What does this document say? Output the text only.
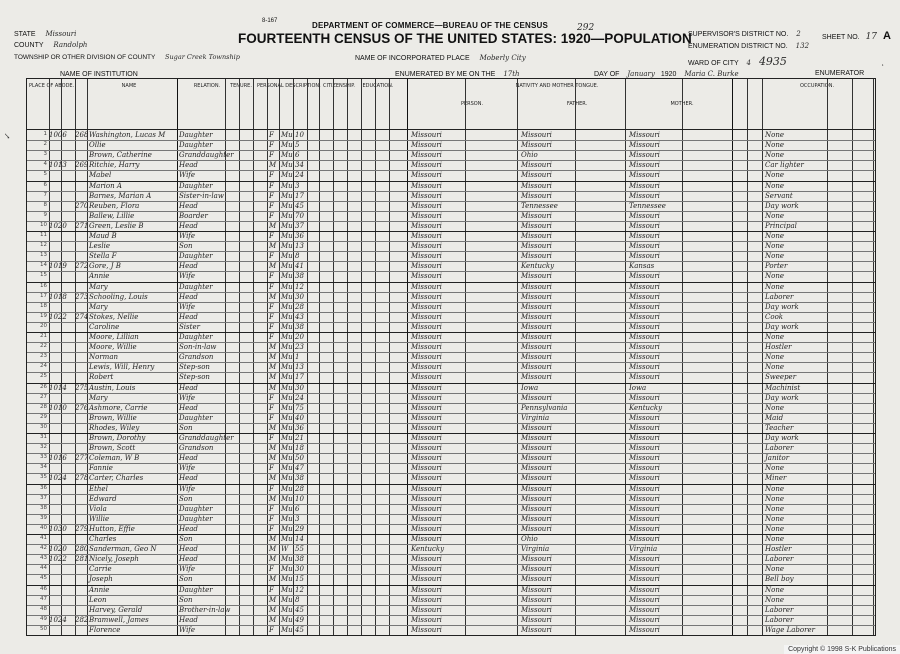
8-167	DEPARTMENT OF COMMERCE—BUREAU OF THE CENSUS
FOURTEENTH CENSUS OF THE UNITED STATES: 1920—POPULATION
292
STATE Missouri
COUNTY Randolph
TOWNSHIP OR OTHER DIVISION OF COUNTY Sugar Creek Township	NAME OF INCORPORATED PLACE Moberly City
NAME OF INSTITUTION	ENUMERATED BY ME ON THE 17th	DAY OF January 1920 Maria C. Burke	ENUMERATOR
SUPERVISOR'S DISTRICT NO. 2
ENUMERATION DISTRICT NO. 132
WARD OF CITY 4 4935
SHEET NO. 17 A
PLACE OF ABODE.	NAME	RELATION.	TENURE. PERSONAL DESCRIPTION. CITIZENSHIP.	EDUCATION.	NATIVITY AND MOTHER TONGUE.	OCCUPATION.
PERSON.	FATHER.	MOTHER.
1 1006	268 Washington, Lucas M	Daughter	F	Mu 10	Missouri	Missouri	Missouri	None
2	Ollie	Daughter	F	Mu 5	Missouri	Missouri	Missouri	None
3	Brown, Catherine	Granddaughter	F	Mu 6	Missouri	Ohio	Missouri	None
4 1013	269 Ritchie, Harry	Head	M Mu 34	Missouri	Missouri	Missouri	Car lighter
5	Mabel	Wife	F	Mu 24	Missouri	Missouri	Missouri	None
6	Marion A	Daughter	F	Mu 3	Missouri	Missouri	Missouri	None
7	Barnes, Marian A	Sister-in-law	F	Mu 17	Missouri	Missouri	Missouri	Servant
8	270 Reuben, Flora	Head	F	Mu 45	Missouri	Tennessee	Tennessee	Day work
9	Ballew, Lillie	Boarder	F	Mu 70	Missouri	Missouri	Missouri	None
10 1020	271 Green, Leslie B	Head	M Mu 37	Missouri	Missouri	Missouri	Principal
11	Maud B	Wife	F	Mu 36	Missouri	Missouri	Missouri	None
12	Leslie	Son	M Mu 13	Missouri	Missouri	Missouri	None
13	Stella F	Daughter	F	Mu 8	Missouri	Missouri	Missouri	None
14 1019	272 Gore, J B	Head	M Mu 41	Missouri	Kentucky	Kansas	Porter
15	Annie	Wife	F	Mu 38	Missouri	Missouri	Missouri	None
16	Mary	Daughter	F	Mu 12	Missouri	Missouri	Missouri	None
17 1018	273 Schooling, Louis	Head	M Mu 30	Missouri	Missouri	Missouri	Laborer
18	Mary	Wife	F	Mu 28	Missouri	Missouri	Missouri	Day work
19 1022	274 Stokes, Nellie	Head	F	Mu 43	Missouri	Missouri	Missouri	Cook
20	Caroline	Sister	F	Mu 38	Missouri	Missouri	Missouri	Day work
21	Moore, Lillian	Daughter	F	Mu 20	Missouri	Missouri	Missouri	None
22	Moore, Willie	Son-in-law	M Mu 23	Missouri	Missouri	Missouri	Hostler
23	Norman	Grandson	M Mu 1	Missouri	Missouri	Missouri	None
24	Lewis, Will, Henry	Step-son	M Mu 13	Missouri	Missouri	Missouri	None
25	Robert	Step-son	M Mu 17	Missouri	Missouri	Missouri	Sweeper
26 1014	275 Austin, Louis	Head	M Mu 30	Missouri	Iowa	Iowa	Machinist
27	Mary	Wife	F	Mu 24	Missouri	Missouri	Missouri	Day work
28 1010	276 Ashmore, Carrie	Head	F	Mu 75	Missouri	Pennsylvania	Kentucky	None
29	Brown, Willie	Daughter	F	Mu 40	Missouri	Virginia	Missouri	Maid
30	Rhodes, Wiley	Son	M Mu 36	Missouri	Missouri	Missouri	Teacher
31	Brown, Dorothy	Granddaughter	F	Mu 21	Missouri	Missouri	Missouri	Day work
32	Brown, Scott	Grandson	M Mu 18	Missouri	Missouri	Missouri	Laborer
33 1016	277 Coleman, W B	Head	M Mu 50	Missouri	Missouri	Missouri	Janitor
34	Fannie	Wife	F	Mu 47	Missouri	Missouri	Missouri	None
35 1024	278 Carter, Charles	Head	M Mu 38	Missouri	Missouri	Missouri	Miner
36	Ethel	Wife	F	Mu 28	Missouri	Missouri	Missouri	None
37	Edward	Son	M Mu 10	Missouri	Missouri	Missouri	None
38	Viola	Daughter	F	Mu 6	Missouri	Missouri	Missouri	None
39	Willie	Daughter	F	Mu 3	Missouri	Missouri	Missouri	None
40 1030	279 Hutton, Effie	Head	F	Mu 29	Missouri	Missouri	Missouri	None
41	Charles	Son	M Mu 14	Missouri	Ohio	Missouri	None
42 1020	280 Sanderman, Geo N	Head	M W 55	Kentucky	Virginia	Virginia	Hostler
43 1022	281 Nicely, Joseph	Head	M Mu 38	Missouri	Missouri	Missouri	Laborer
44	Carrie	Wife	F	Mu 30	Missouri	Missouri	Missouri	None
45	Joseph	Son	M Mu 15	Missouri	Missouri	Missouri	Bell boy
46	Annie	Daughter	F	Mu 12	Missouri	Missouri	Missouri	None
47	Leon	Son	M Mu 8	Missouri	Missouri	Missouri	None
48	Harvey, Gerald	Brother-in-law	M Mu 45	Missouri	Missouri	Missouri	Laborer
49 1024	282 Bramwell, James	Head	M Mu 49	Missouri	Missouri	Missouri	Laborer
50	Florence	Wife	F	Mu 45	Missouri	Missouri	Missouri	Wage Laborer
✓
·
Copyright © 1998 S-K Publications
